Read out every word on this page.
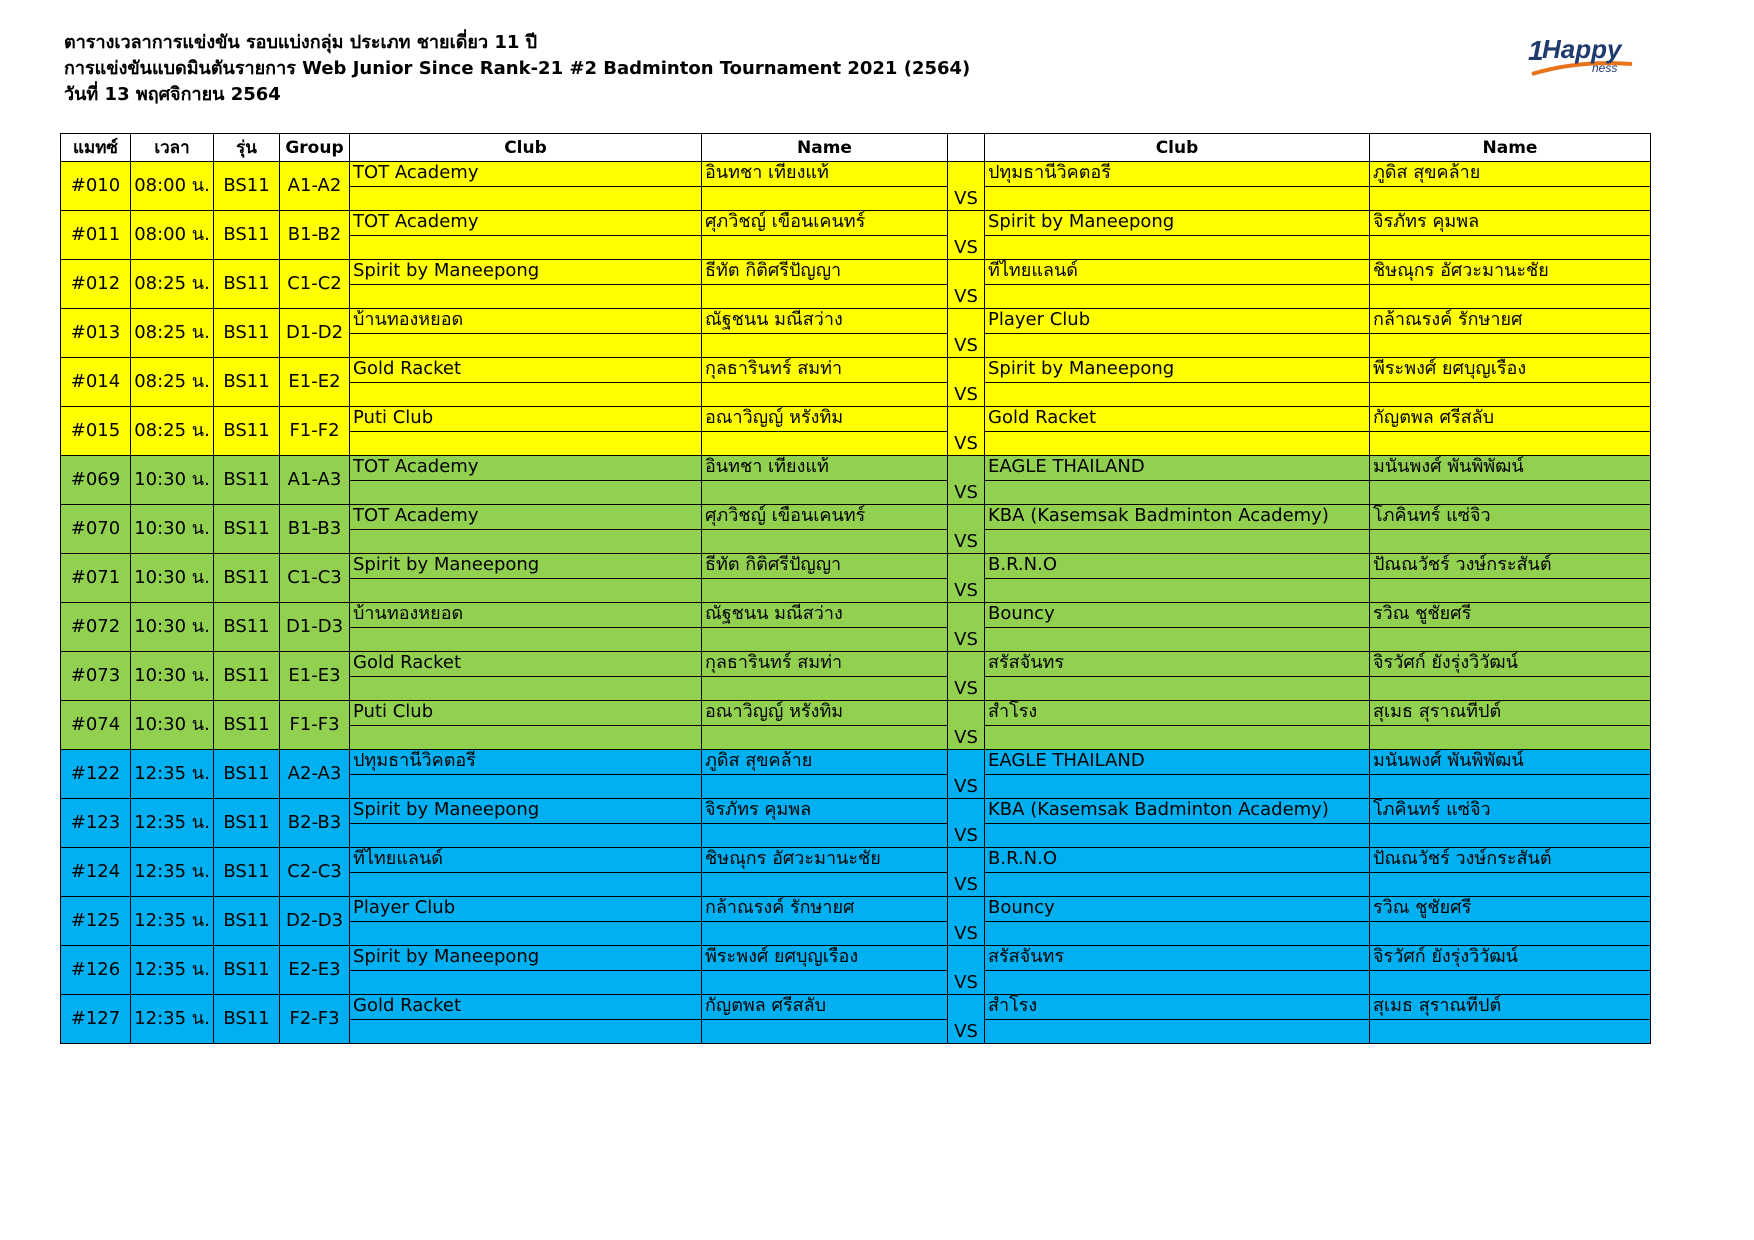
ตารางเวลาการแข่งขัน รอบแบ่งกลุ่ม ประเภท ชายเดี่ยว 11 ปี
การแข่งขันแบดมินตันรายการ Web Junior Since Rank-21 #2 Badminton Tournament 2021 (2564)
วันที่ 13 พฤศจิกายน 2564
1
Happy
ness
แมทซ์	เวลา	รุ่น	Group	Club	Name		Club	Name
#010	08:00 น.	BS11	A1-A2	TOT Academy	อินทชา เที่ยงแท้	VS	ปทุมธานีวิคตอรี่	ภูดิส สุขคล้าย

#011	08:00 น.	BS11	B1-B2	TOT Academy	ศุภวิชญ์ เขื่อนเคนทร์	VS	Spirit by Maneepong	จิรภัทร คุมพล

#012	08:25 น.	BS11	C1-C2	Spirit by Maneepong	ธีทัต กิติศรีปัญญา	VS	ทีไทยแลนด์	ชิษณุกร อัศวะมานะชัย

#013	08:25 น.	BS11	D1-D2	บ้านทองหยอด	ณัฐชนน มณีสว่าง	VS	Player Club	กล้าณรงค์ รักษายศ

#014	08:25 น.	BS11	E1-E2	Gold Racket	กุลธารินทร์ สมท่า	VS	Spirit by Maneepong	พีระพงศ์ ยศบุญเรือง

#015	08:25 น.	BS11	F1-F2	Puti Club	อณาวิญญ์ หรั่งทิม	VS	Gold Racket	กัญตพล ศรีสลับ

#069	10:30 น.	BS11	A1-A3	TOT Academy	อินทชา เที่ยงแท้	VS	EAGLE THAILAND	มนันพงศ์ พันพิพัฒน์

#070	10:30 น.	BS11	B1-B3	TOT Academy	ศุภวิชญ์ เขื่อนเคนทร์	VS	KBA (Kasemsak Badminton Academy)	โภคินทร์ แซ่จิว

#071	10:30 น.	BS11	C1-C3	Spirit by Maneepong	ธีทัต กิติศรีปัญญา	VS	B.R.N.O	ปัณณวัชร์ วงษ์กระสันต์

#072	10:30 น.	BS11	D1-D3	บ้านทองหยอด	ณัฐชนน มณีสว่าง	VS	Bouncy	รวิณ ชูชัยศรี

#073	10:30 น.	BS11	E1-E3	Gold Racket	กุลธารินทร์ สมท่า	VS	สรัสจันทร	จิรวัศก์ ยังรุ่งวิวัฒน์

#074	10:30 น.	BS11	F1-F3	Puti Club	อณาวิญญ์ หรั่งทิม	VS	สำโรง	สุเมธ สุราณทีปต์

#122	12:35 น.	BS11	A2-A3	ปทุมธานีวิคตอรี่	ภูดิส สุขคล้าย	VS	EAGLE THAILAND	มนันพงศ์ พันพิพัฒน์

#123	12:35 น.	BS11	B2-B3	Spirit by Maneepong	จิรภัทร คุมพล	VS	KBA (Kasemsak Badminton Academy)	โภคินทร์ แซ่จิว

#124	12:35 น.	BS11	C2-C3	ทีไทยแลนด์	ชิษณุกร อัศวะมานะชัย	VS	B.R.N.O	ปัณณวัชร์ วงษ์กระสันต์

#125	12:35 น.	BS11	D2-D3	Player Club	กล้าณรงค์ รักษายศ	VS	Bouncy	รวิณ ชูชัยศรี

#126	12:35 น.	BS11	E2-E3	Spirit by Maneepong	พีระพงศ์ ยศบุญเรือง	VS	สรัสจันทร	จิรวัศก์ ยังรุ่งวิวัฒน์

#127	12:35 น.	BS11	F2-F3	Gold Racket	กัญตพล ศรีสลับ	VS	สำโรง	สุเมธ สุราณทีปต์
